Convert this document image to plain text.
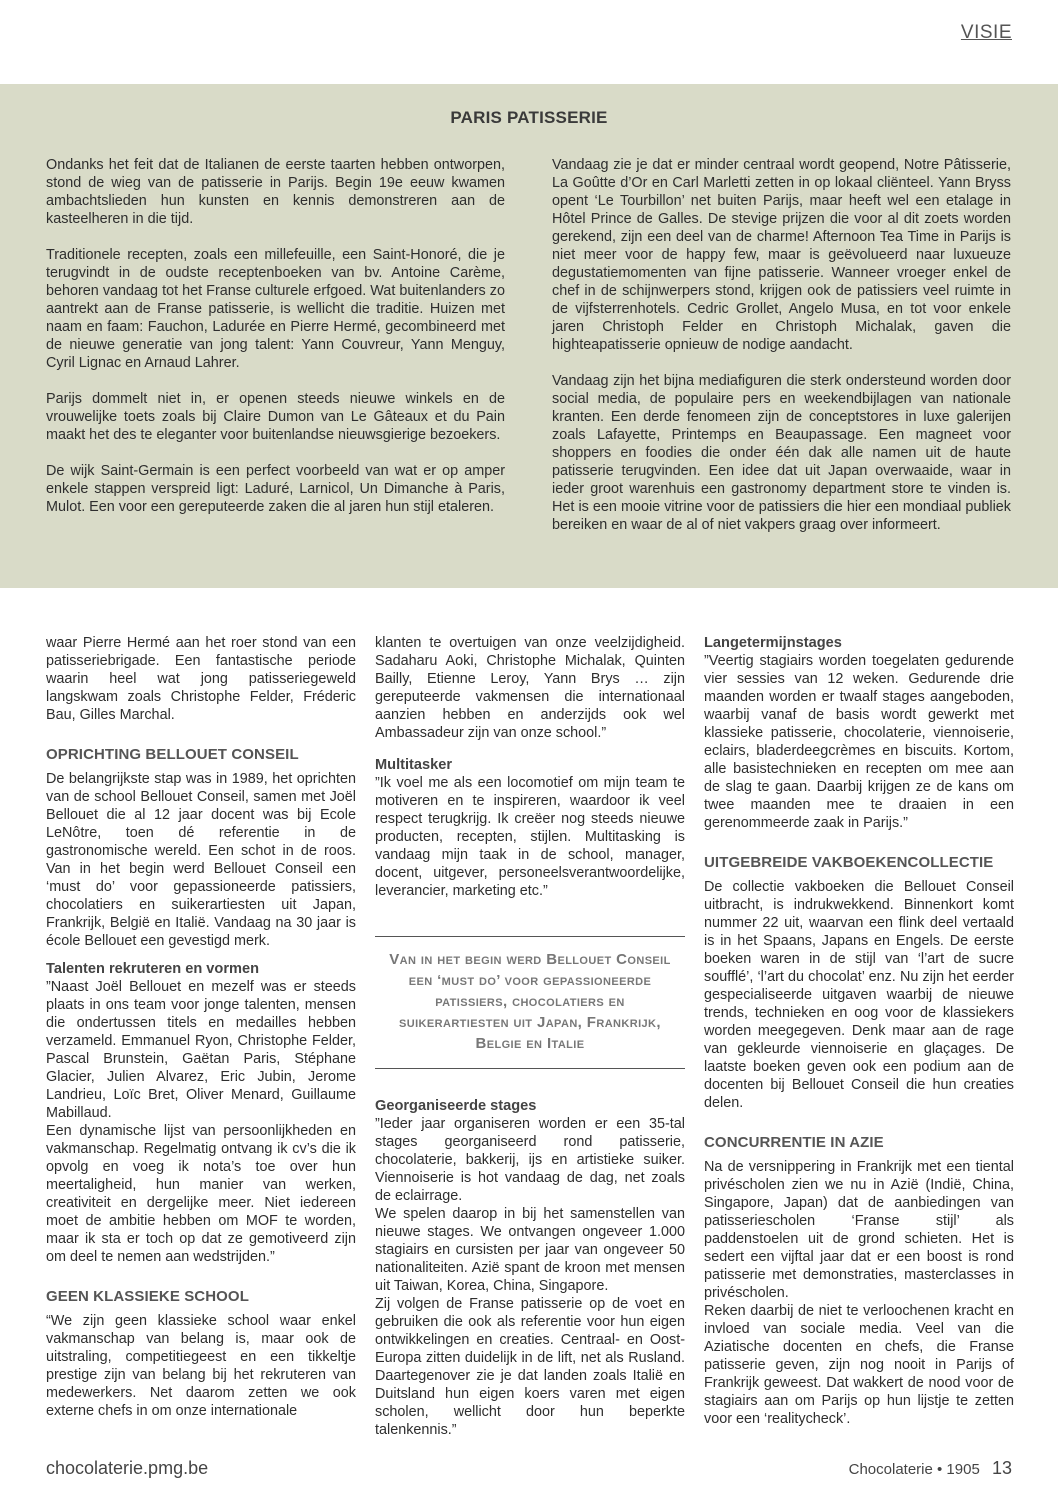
VISIE
PARIS PATISSERIE

Ondanks het feit dat de Italianen de eerste taarten hebben ontworpen, stond de wieg van de patisserie in Parijs. Begin 19e eeuw kwamen ambachtslieden hun kunsten en kennis demonstreren aan de kasteelheren in die tijd.

Traditionele recepten, zoals een millefeuille, een Saint-Honoré, die je terugvindt in de oudste receptenboeken van bv. Antoine Carème, behoren vandaag tot het Franse culturele erfgoed. Wat buitenlanders zo aantrekt aan de Franse patisserie, is wellicht die traditie. Huizen met naam en faam: Fauchon, Ladurée en Pierre Hermé, gecombineerd met de nieuwe generatie van jong talent: Yann Couvreur, Yann Menguy, Cyril Lignac en Arnaud Lahrer.

Parijs dommelt niet in, er openen steeds nieuwe winkels en de vrouwelijke toets zoals bij Claire Dumon van Le Gâteaux et du Pain maakt het des te eleganter voor buitenlandse nieuwsgierige bezoekers.

De wijk Saint-Germain is een perfect voorbeeld van wat er op amper enkele stappen verspreid ligt: Laduré, Larnicol, Un Dimanche à Paris, Mulot. Een voor een gereputeerde zaken die al jaren hun stijl etaleren.

Vandaag zie je dat er minder centraal wordt geopend, Notre Pâtisserie, La Goûtte d’Or en Carl Marletti zetten in op lokaal cliënteel. Yann Bryss opent ‘Le Tourbillon’ net buiten Parijs, maar heeft wel een etalage in Hôtel Prince de Galles. De stevige prijzen die voor al dit zoets worden gerekend, zijn een deel van de charme! Afternoon Tea Time in Parijs is niet meer voor de happy few, maar is geëvolueerd naar luxueuze degustatiemomenten van fijne patisserie. Wanneer vroeger enkel de chef in de schijnwerpers stond, krijgen ook de patissiers veel ruimte in de vijfsterrenhotels. Cedric Grollet, Angelo Musa, en tot voor enkele jaren Christoph Felder en Christoph Michalak, gaven die highteapatisserie opnieuw de nodige aandacht.

Vandaag zijn het bijna mediafiguren die sterk ondersteund worden door social media, de populaire pers en weekendbijlagen van nationale kranten. Een derde fenomeen zijn de conceptstores in luxe galerijen zoals Lafayette, Printemps en Beaupassage. Een magneet voor shoppers en foodies die onder één dak alle namen uit de haute patisserie terugvinden. Een idee dat uit Japan overwaaide, waar in ieder groot warenhuis een gastronomy department store te vinden is. Het is een mooie vitrine voor de patissiers die hier een mondiaal publiek bereiken en waar de al of niet vakpers graag over informeert.

waar Pierre Hermé aan het roer stond van een patisseriebrigade. Een fantastische periode waarin heel wat jong patisseriegeweld langskwam zoals Christophe Felder, Fréderic Bau, Gilles Marchal.

OPRICHTING BELLOUET CONSEIL

De belangrijkste stap was in 1989, het oprichten van de school Bellouet Conseil, samen met Joël Bellouet die al 12 jaar docent was bij Ecole LeNôtre, toen dé referentie in de gastronomische wereld. Een schot in de roos. Van in het begin werd Bellouet Conseil een ‘must do’ voor gepassioneerde patissiers, chocolatiers en suikerartiesten uit Japan, Frankrijk, België en Italië. Vandaag na 30 jaar is école Bellouet een gevestigd merk.

Talenten rekruteren en vormen

”Naast Joël Bellouet en mezelf was er steeds plaats in ons team voor jonge talenten, mensen die ondertussen titels en medailles hebben verzameld. Emmanuel Ryon, Christophe Felder, Pascal Brunstein, Gaëtan Paris, Stéphane Glacier, Julien Alvarez, Eric Jubin, Jerome Landrieu, Loïc Bret, Oliver Menard, Guillaume Mabillaud.

Een dynamische lijst van persoonlijkheden en vakmanschap. Regelmatig ontvang ik cv’s die ik opvolg en voeg ik nota’s toe over hun meertaligheid, hun manier van werken, creativiteit en dergelijke meer. Niet iedereen moet de ambitie hebben om MOF te worden, maar ik sta er toch op dat ze gemotiveerd zijn om deel te nemen aan wedstrijden.”

GEEN KLASSIEKE SCHOOL

“We zijn geen klassieke school waar enkel vakmanschap van belang is, maar ook de uitstraling, competitiegeest en een tikkeltje prestige zijn van belang bij het rekruteren van medewerkers. Net daarom zetten we ook externe chefs in om onze internationale

klanten te overtuigen van onze veelzijdigheid. Sadaharu Aoki, Christophe Michalak, Quinten Bailly, Etienne Leroy, Yann Brys … zijn gereputeerde vakmensen die internationaal aanzien hebben en anderzijds ook wel Ambassadeur zijn van onze school.”

Multitasker

”Ik voel me als een locomotief om mijn team te motiveren en te inspireren, waardoor ik veel respect terugkrijg. Ik creëer nog steeds nieuwe producten, recepten, stijlen. Multitasking is vandaag mijn taak in de school, manager, docent, uitgever, personeelsverantwoordelijke, leverancier, marketing etc.”

Van in het begin werd Bellouet Conseil een ‘must do’ voor gepassioneerde patissiers, chocolatiers en suikerartiesten uit Japan, Frankrijk, Belgie en Italie
Georganiseerde stages

”Ieder jaar organiseren worden er een 35-tal stages georganiseerd rond patisserie, chocolaterie, bakkerij, ijs en artistieke suiker. Viennoiserie is hot vandaag de dag, net zoals de eclairrage.

We spelen daarop in bij het samenstellen van nieuwe stages. We ontvangen ongeveer 1.000 stagiairs en cursisten per jaar van ongeveer 50 nationaliteiten. Azië spant de kroon met mensen uit Taiwan, Korea, China, Singapore.

Zij volgen de Franse patisserie op de voet en gebruiken die ook als referentie voor hun eigen ontwikkelingen en creaties. Centraal- en Oost-Europa zitten duidelijk in de lift, net als Rusland. Daartegenover zie je dat landen zoals Italië en Duitsland hun eigen koers varen met eigen scholen, wellicht door hun beperkte talenkennis.”

Langetermijnstages

”Veertig stagiairs worden toegelaten gedurende vier sessies van 12 weken. Gedurende drie maanden worden er twaalf stages aangeboden, waarbij vanaf de basis wordt gewerkt met klassieke patisserie, chocolaterie, viennoiserie, eclairs, bladerdeegcrèmes en biscuits. Kortom, alle basistechnieken en recepten om mee aan de slag te gaan. Daarbij krijgen ze de kans om twee maanden mee te draaien in een gerenommeerde zaak in Parijs.”

UITGEBREIDE VAKBOEKENCOLLECTIE

De collectie vakboeken die Bellouet Conseil uitbracht, is indrukwekkend. Binnenkort komt nummer 22 uit, waarvan een flink deel vertaald is in het Spaans, Japans en Engels. De eerste boeken waren in de stijl van ‘l’art de sucre soufflé’, ‘l’art du chocolat’ enz. Nu zijn het eerder gespecialiseerde uitgaven waarbij de nieuwe trends, technieken en oog voor de klassiekers worden meegegeven. Denk maar aan de rage van gekleurde viennoiserie en glaçages. De laatste boeken geven ook een podium aan de docenten bij Bellouet Conseil die hun creaties delen.

CONCURRENTIE IN AZIE

Na de versnippering in Frankrijk met een tiental privéscholen zien we nu in Azië (Indië, China, Singapore, Japan) dat de aanbiedingen van patisseriescholen ‘Franse stijl’ als paddenstoelen uit de grond schieten. Het is sedert een vijftal jaar dat er een boost is rond patisserie met demonstraties, masterclasses in privéscholen.

Reken daarbij de niet te verloochenen kracht en invloed van sociale media. Veel van die Aziatische docenten en chefs, die Franse patisserie geven, zijn nog nooit in Parijs of Frankrijk geweest. Dat wakkert de nood voor de stagiairs aan om Parijs op hun lijstje te zetten voor een ‘realitycheck’.

chocolaterie.pmg.be	Chocolaterie • 1905 13
